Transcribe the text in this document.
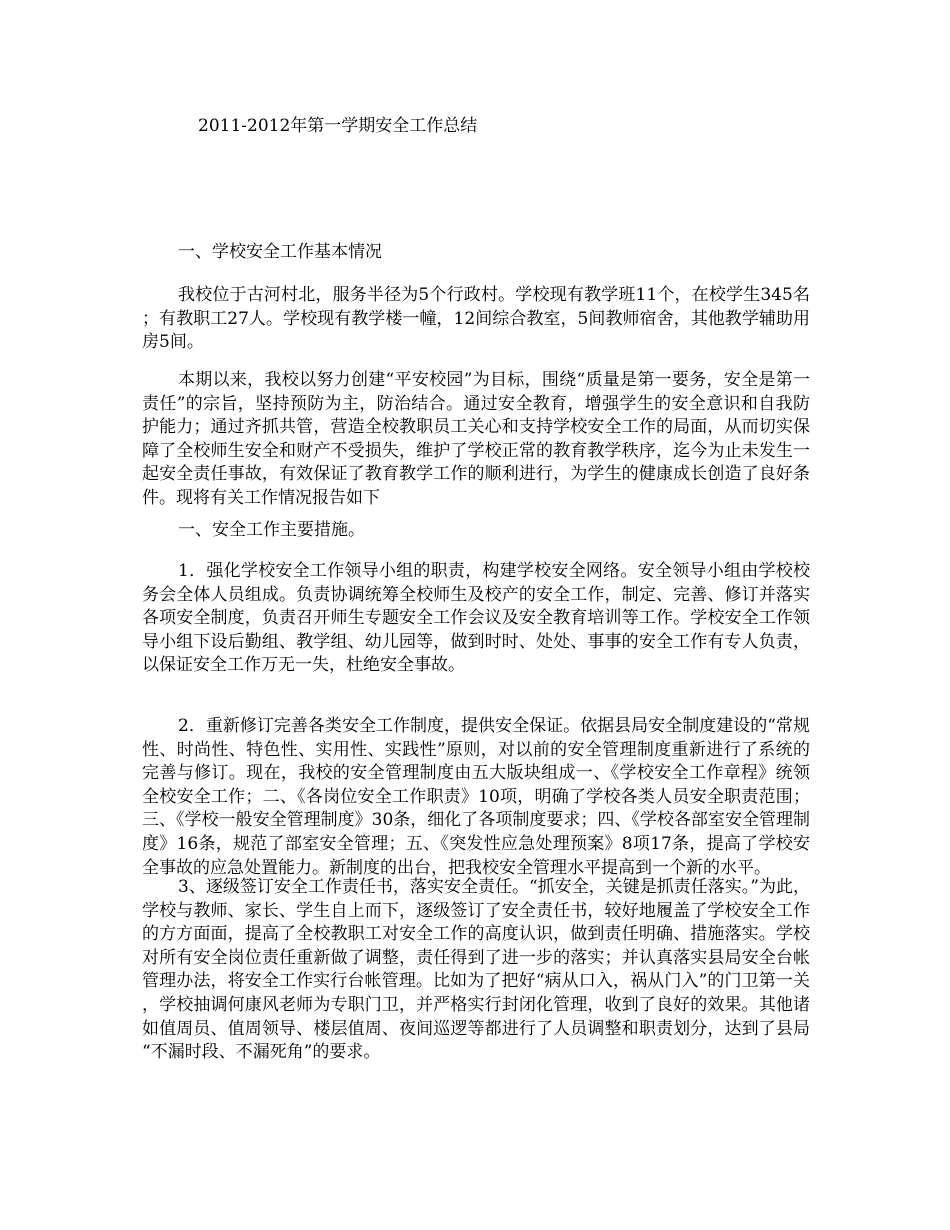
2011-2012年第一学期安全工作总结
一、学校安全工作基本情况

我校位于古河村北，服务半径为5个行政村。学校现有教学班11个，在校学生345名；有教职工27人。学校现有教学楼一幢，12间综合教室，5间教师宿舍，其他教学辅助用房5间。

本期以来，我校以努力创建“平安校园”为目标，围绕“质量是第一要务，安全是第一责任”的宗旨，坚持预防为主，防治结合。通过安全教育，增强学生的安全意识和自我防护能力；通过齐抓共管，营造全校教职员工关心和支持学校安全工作的局面，从而切实保障了全校师生安全和财产不受损失，维护了学校正常的教育教学秩序，迄今为止未发生一起安全责任事故，有效保证了教育教学工作的顺利进行，为学生的健康成长创造了良好条件。现将有关工作情况报告如下

一、安全工作主要措施。

1．强化学校安全工作领导小组的职责，构建学校安全网络。安全领导小组由学校校务会全体人员组成。负责协调统筹全校师生及校产的安全工作，制定、完善、修订并落实各项安全制度，负责召开师生专题安全工作会议及安全教育培训等工作。学校安全工作领导小组下设后勤组、教学组、幼儿园等，做到时时、处处、事事的安全工作有专人负责，以保证安全工作万无一失，杜绝安全事故。

2．重新修订完善各类安全工作制度，提供安全保证。依据县局安全制度建设的“常规性、时尚性、特色性、实用性、实践性”原则，对以前的安全管理制度重新进行了系统的完善与修订。现在，我校的安全管理制度由五大版块组成一、《学校安全工作章程》统领全校安全工作；二、《各岗位安全工作职责》10项，明确了学校各类人员安全职责范围；三、《学校一般安全管理制度》30条，细化了各项制度要求；四、《学校各部室安全管理制度》16条，规范了部室安全管理；五、《突发性应急处理预案》8项17条，提高了学校安全事故的应急处置能力。新制度的出台，把我校安全管理水平提高到一个新的水平。

3、逐级签订安全工作责任书，落实安全责任。“抓安全，关键是抓责任落实。”为此，学校与教师、家长、学生自上而下，逐级签订了安全责任书，较好地履盖了学校安全工作的方方面面，提高了全校教职工对安全工作的高度认识，做到责任明确、措施落实。学校对所有安全岗位责任重新做了调整，责任得到了进一步的落实；并认真落实县局安全台帐管理办法，将安全工作实行台帐管理。比如为了把好“病从口入，祸从门入”的门卫第一关，学校抽调何康风老师为专职门卫，并严格实行封闭化管理，收到了良好的效果。其他诸如值周员、值周领导、楼层值周、夜间巡逻等都进行了人员调整和职责划分，达到了县局“不漏时段、不漏死角”的要求。
